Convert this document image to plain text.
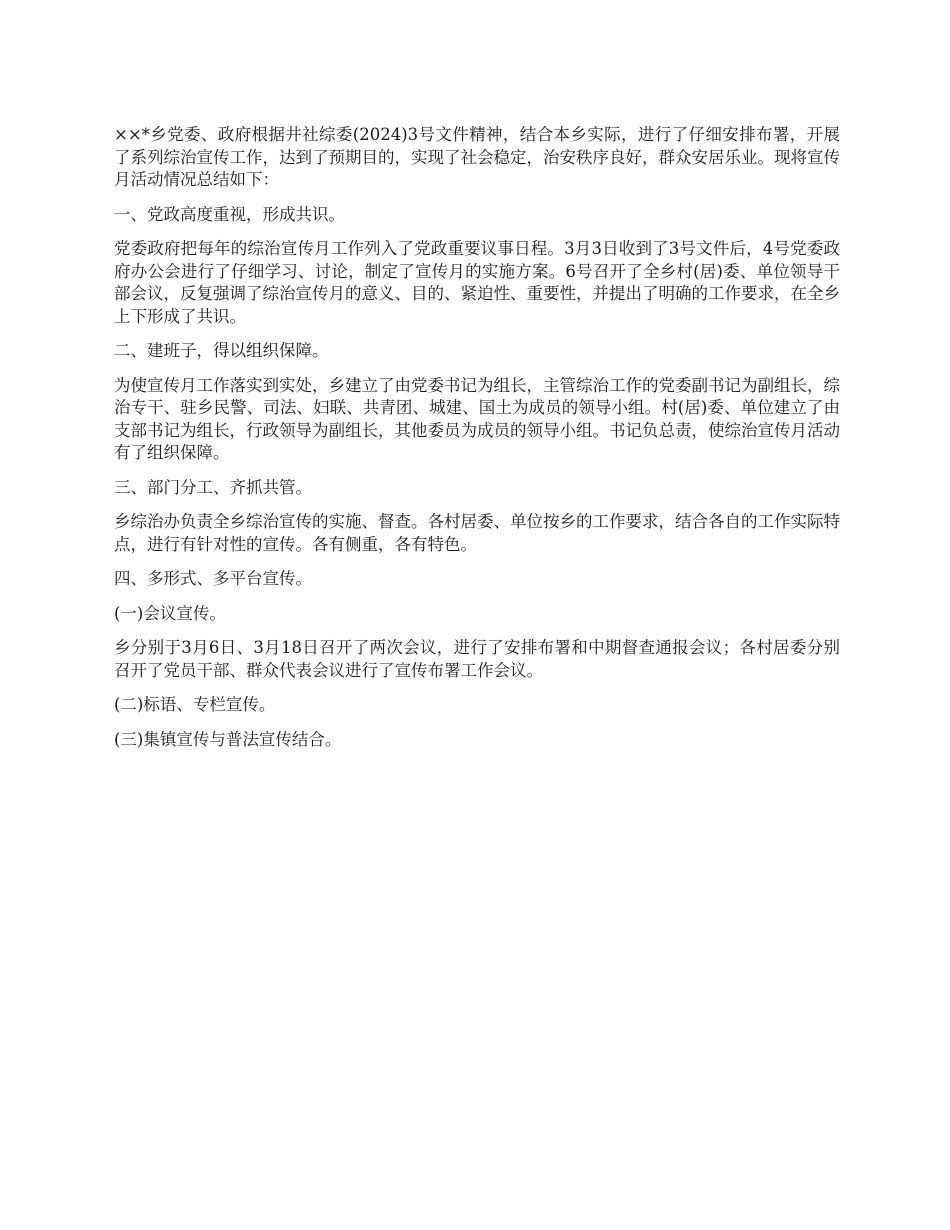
××*乡党委、政府根据井社综委(2024)3号文件精神，结合本乡实际，进行了仔细安排布署，开展了系列综治宣传工作，达到了预期目的，实现了社会稳定，治安秩序良好，群众安居乐业。现将宣传月活动情况总结如下：

一、党政高度重视，形成共识。

党委政府把每年的综治宣传月工作列入了党政重要议事日程。3月3日收到了3号文件后，4号党委政府办公会进行了仔细学习、讨论，制定了宣传月的实施方案。6号召开了全乡村(居)委、单位领导干部会议，反复强调了综治宣传月的意义、目的、紧迫性、重要性，并提出了明确的工作要求，在全乡上下形成了共识。

二、建班子，得以组织保障。

为使宣传月工作落实到实处，乡建立了由党委书记为组长，主管综治工作的党委副书记为副组长，综治专干、驻乡民警、司法、妇联、共青团、城建、国土为成员的领导小组。村(居)委、单位建立了由支部书记为组长，行政领导为副组长，其他委员为成员的领导小组。书记负总责，使综治宣传月活动有了组织保障。

三、部门分工、齐抓共管。

乡综治办负责全乡综治宣传的实施、督查。各村居委、单位按乡的工作要求，结合各自的工作实际特点，进行有针对性的宣传。各有侧重，各有特色。

四、多形式、多平台宣传。

(一)会议宣传。

乡分别于3月6日、3月18日召开了两次会议，进行了安排布署和中期督查通报会议；各村居委分别召开了党员干部、群众代表会议进行了宣传布署工作会议。

(二)标语、专栏宣传。

(三)集镇宣传与普法宣传结合。
